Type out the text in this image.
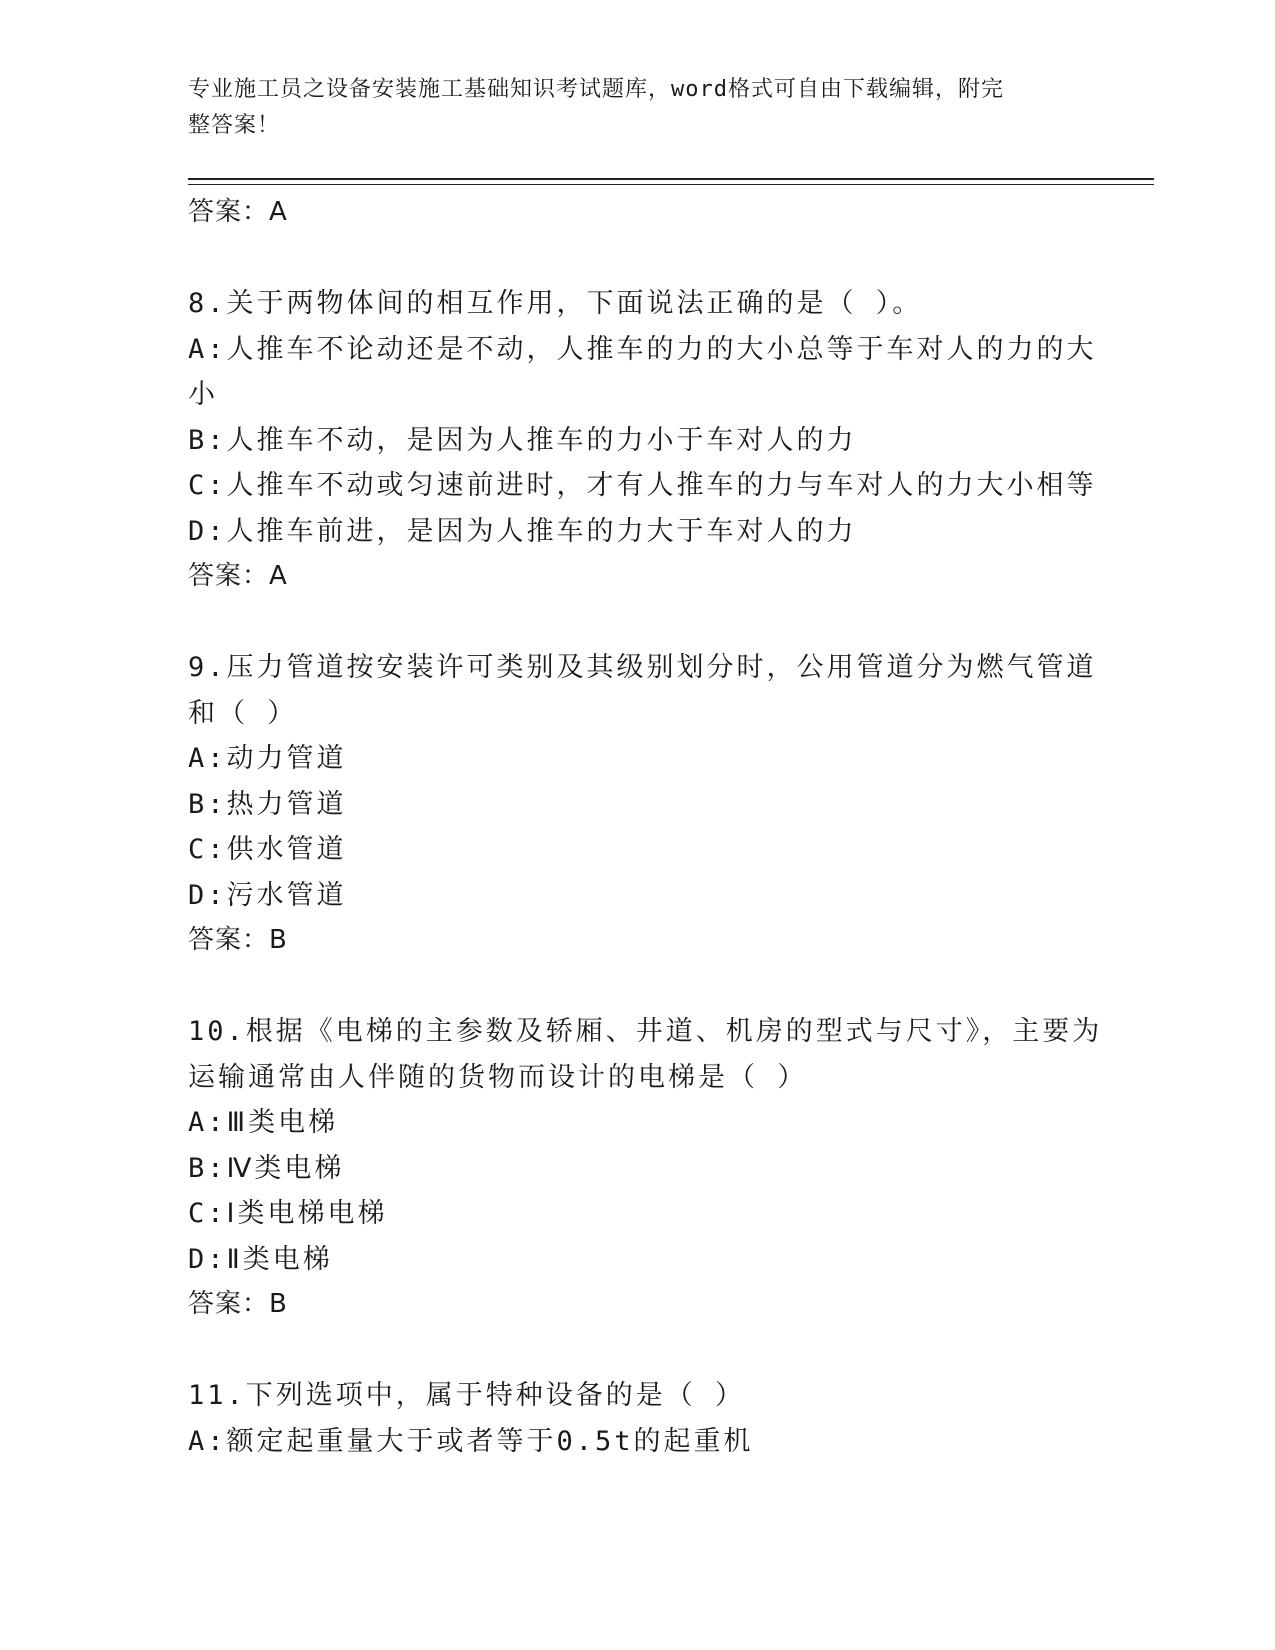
专业施工员之设备安装施工基础知识考试题库，word格式可自由下载编辑，附完
整答案！
答案：A
8.关于两物体间的相互作用，下面说法正确的是（ ）。
A:人推车不论动还是不动，人推车的力的大小总等于车对人的力的大
小
B:人推车不动，是因为人推车的力小于车对人的力
C:人推车不动或匀速前进时，才有人推车的力与车对人的力大小相等
D:人推车前进，是因为人推车的力大于车对人的力
答案：A
9.压力管道按安装许可类别及其级别划分时，公用管道分为燃气管道
和（ ）
A:动力管道
B:热力管道
C:供水管道
D:污水管道
答案：B
10.根据《电梯的主参数及轿厢、井道、机房的型式与尺寸》，主要为
运输通常由人伴随的货物而设计的电梯是（ ）
A:Ⅲ类电梯
B:Ⅳ类电梯
C:Ⅰ类电梯电梯
D:Ⅱ类电梯
答案：B
11.下列选项中，属于特种设备的是（ ）
A:额定起重量大于或者等于0.5t的起重机
